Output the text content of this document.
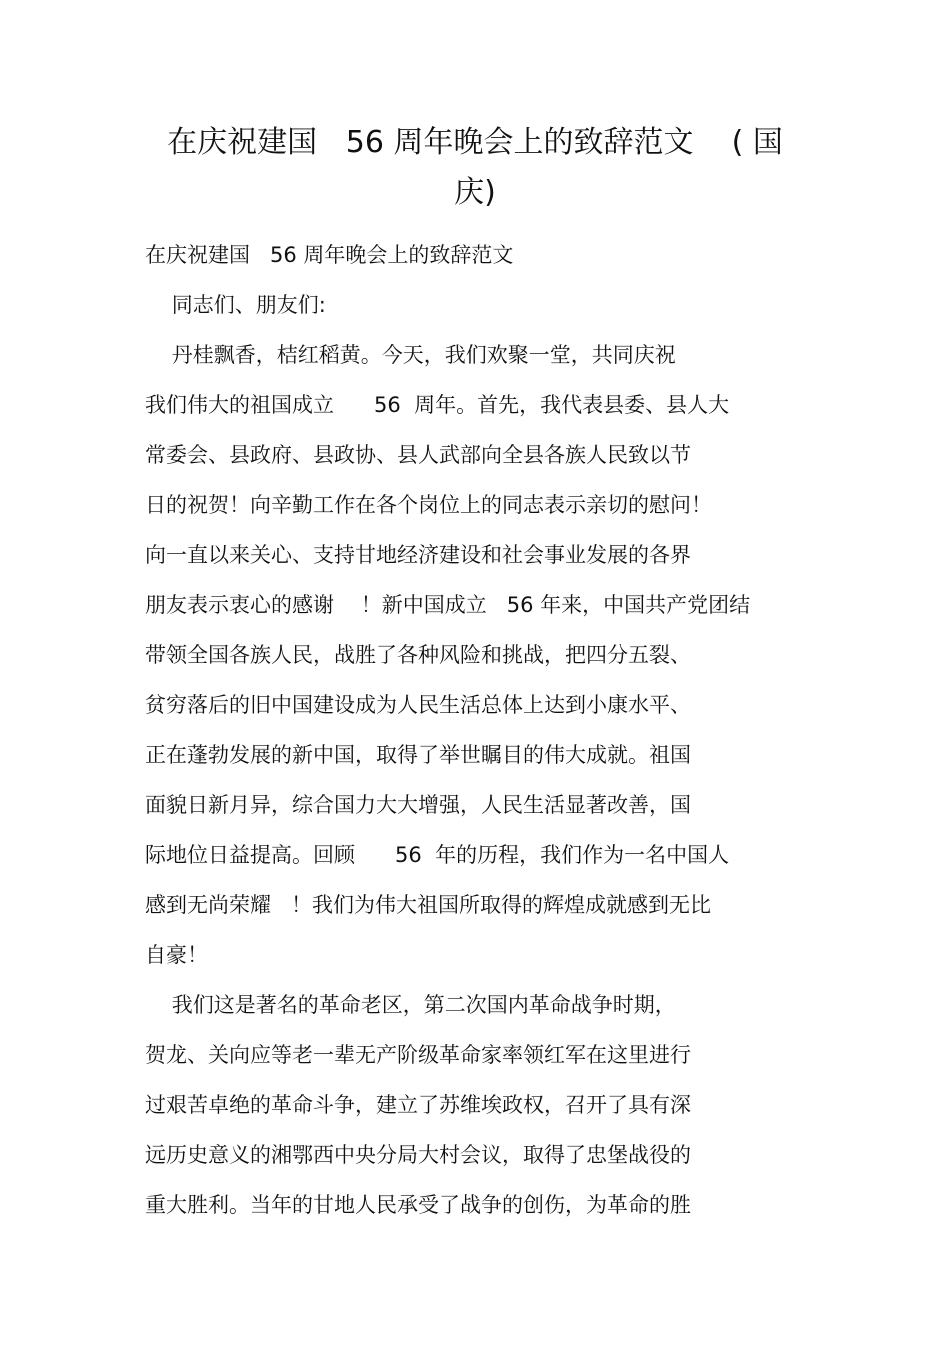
在庆祝建国   56 周年晚会上的致辞范文    ( 国
庆)

在庆祝建国   56 周年晚会上的致辞范文

同志们、朋友们:

丹桂飘香，桔红稻黄。今天，我们欢聚一堂，共同庆祝

我们伟大的祖国成立      56  周年。首先，我代表县委、县人大

常委会、县政府、县政协、县人武部向全县各族人民致以节

日的祝贺！向辛勤工作在各个岗位上的同志表示亲切的慰问！

向一直以来关心、支持甘地经济建设和社会事业发展的各界

朋友表示衷心的感谢    ！新中国成立   56 年来，中国共产党团结

带领全国各族人民，战胜了各种风险和挑战，把四分五裂、

贫穷落后的旧中国建设成为人民生活总体上达到小康水平、

正在蓬勃发展的新中国，取得了举世瞩目的伟大成就。祖国

面貌日新月异，综合国力大大增强，人民生活显著改善，国

际地位日益提高。回顾      56  年的历程，我们作为一名中国人

感到无尚荣耀   ！我们为伟大祖国所取得的辉煌成就感到无比

自豪！

我们这是著名的革命老区，第二次国内革命战争时期，

贺龙、关向应等老一辈无产阶级革命家率领红军在这里进行

过艰苦卓绝的革命斗争，建立了苏维埃政权，召开了具有深

远历史意义的湘鄂西中央分局大村会议，取得了忠堡战役的

重大胜利。当年的甘地人民承受了战争的创伤，为革命的胜
